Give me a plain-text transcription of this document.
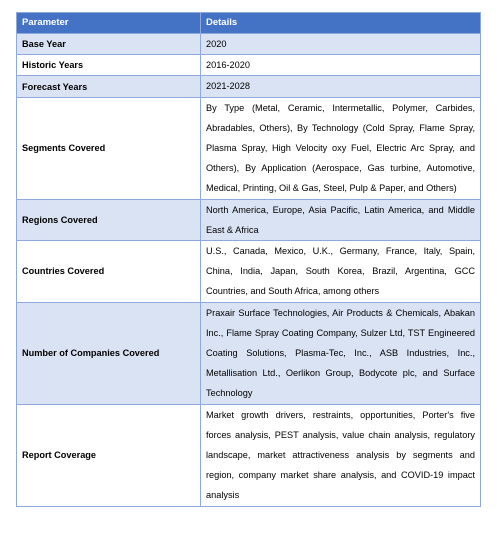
Parameter	Details
Base Year	2020
Historic Years	2016-2020
Forecast Years	2021-2028
Segments Covered	By Type (Metal, Ceramic, Intermetallic, Polymer, Carbides, Abradables, Others), By Technology (Cold Spray, Flame Spray, Plasma Spray, High Velocity oxy Fuel, Electric Arc Spray, and Others), By Application (Aerospace, Gas turbine, Automotive, Medical, Printing, Oil & Gas, Steel, Pulp & Paper, and Others)
Regions Covered	North America, Europe, Asia Pacific, Latin America, and Middle East & Africa
Countries Covered	U.S., Canada, Mexico, U.K., Germany, France, Italy, Spain, China, India, Japan, South Korea, Brazil, Argentina, GCC Countries, and South Africa, among others
Number of Companies Covered	Praxair Surface Technologies, Air Products & Chemicals, Abakan Inc., Flame Spray Coating Company, Sulzer Ltd, TST Engineered Coating Solutions, Plasma-Tec, Inc., ASB Industries, Inc., Metallisation Ltd., Oerlikon Group, Bodycote plc, and Surface Technology
Report Coverage	Market growth drivers, restraints, opportunities, Porter's five forces analysis, PEST analysis, value chain analysis, regulatory landscape, market attractiveness analysis by segments and region, company market share analysis, and COVID-19 impact analysis
